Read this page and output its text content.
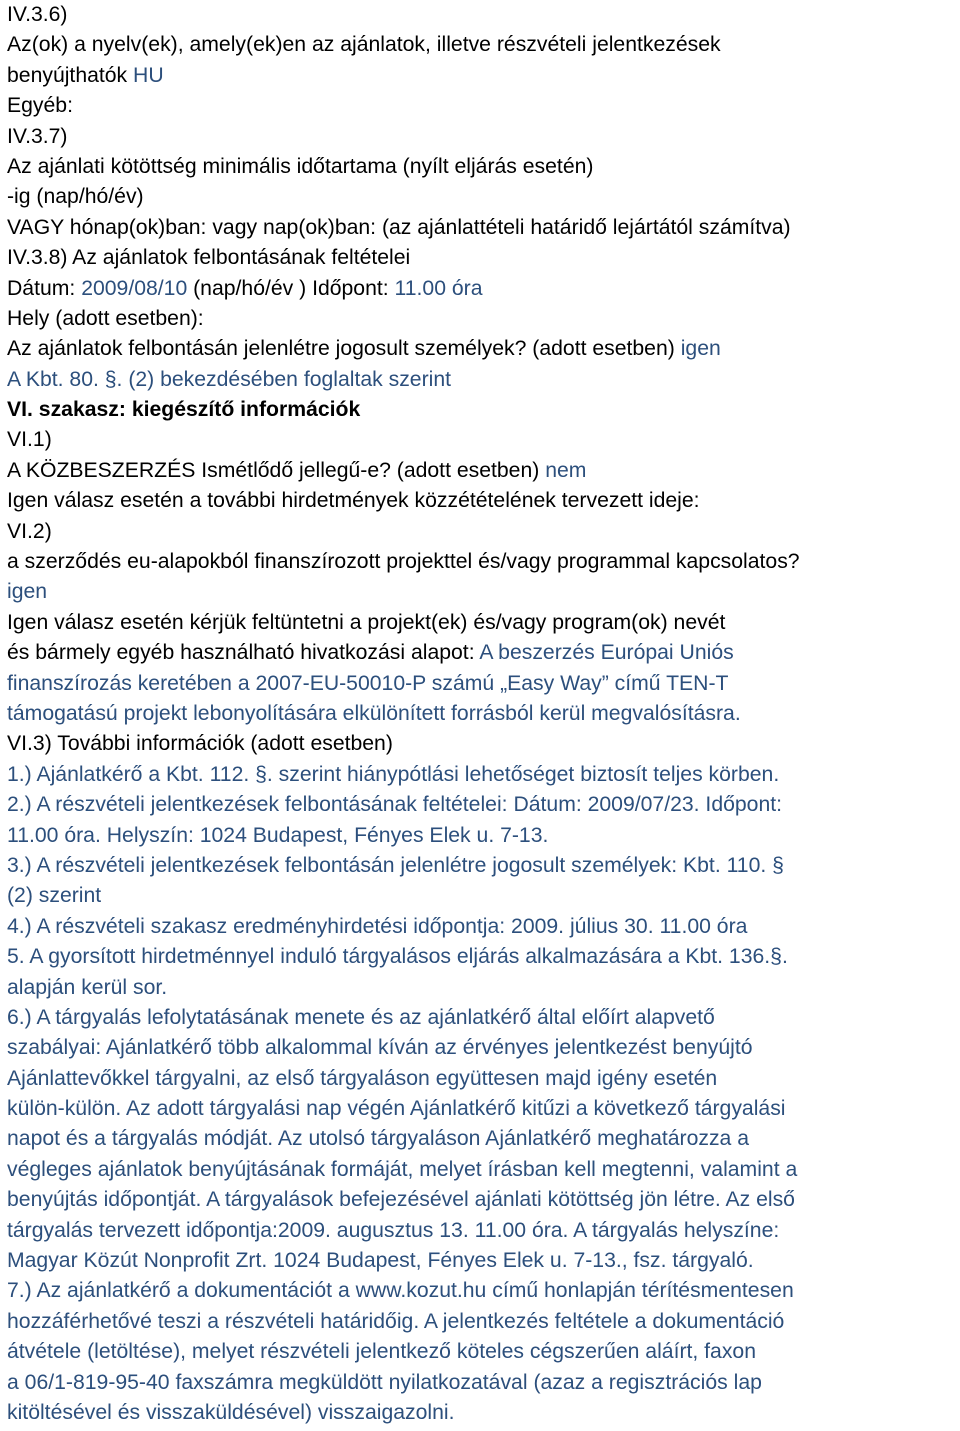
IV.3.6)
Az(ok) a nyelv(ek), amely(ek)en az ajánlatok, illetve részvételi jelentkezések
benyújthatók HU
Egyéb:
IV.3.7)
Az ajánlati kötöttség minimális időtartama (nyílt eljárás esetén)
-ig (nap/hó/év)
VAGY hónap(ok)ban: vagy nap(ok)ban: (az ajánlattételi határidő lejártától számítva)
IV.3.8) Az ajánlatok felbontásának feltételei
Dátum: 2009/08/10 (nap/hó/év ) Időpont: 11.00 óra
Hely (adott esetben):
Az ajánlatok felbontásán jelenlétre jogosult személyek? (adott esetben) igen
A Kbt. 80. §. (2) bekezdésében foglaltak szerint
VI. szakasz: kiegészítő információk
VI.1)
A KÖZBESZERZÉS Ismétlődő jellegű-e? (adott esetben) nem
Igen válasz esetén a további hirdetmények közzétételének tervezett ideje:
VI.2)
a szerződés eu-alapokból finanszírozott projekttel és/vagy programmal kapcsolatos?
igen
Igen válasz esetén kérjük feltüntetni a projekt(ek) és/vagy program(ok) nevét
és bármely egyéb használható hivatkozási alapot: A beszerzés Európai Uniós
finanszírozás keretében a 2007-EU-50010-P számú „Easy Way” című TEN-T
támogatású projekt lebonyolítására elkülönített forrásból kerül megvalósításra.
VI.3) További információk (adott esetben)
1.) Ajánlatkérő a Kbt. 112. §. szerint hiánypótlási lehetőséget biztosít teljes körben.
2.) A részvételi jelentkezések felbontásának feltételei: Dátum: 2009/07/23. Időpont:
11.00 óra. Helyszín: 1024 Budapest, Fényes Elek u. 7-13.
3.) A részvételi jelentkezések felbontásán jelenlétre jogosult személyek: Kbt. 110. §
(2) szerint
4.) A részvételi szakasz eredményhirdetési időpontja: 2009. július 30. 11.00 óra
5. A gyorsított hirdetménnyel induló tárgyalásos eljárás alkalmazására a Kbt. 136.§.
alapján kerül sor.
6.) A tárgyalás lefolytatásának menete és az ajánlatkérő által előírt alapvető
szabályai: Ajánlatkérő több alkalommal kíván az érvényes jelentkezést benyújtó
Ajánlattevőkkel tárgyalni, az első tárgyaláson együttesen majd igény esetén
külön-külön. Az adott tárgyalási nap végén Ajánlatkérő kitűzi a következő tárgyalási
napot és a tárgyalás módját. Az utolsó tárgyaláson Ajánlatkérő meghatározza a
végleges ajánlatok benyújtásának formáját, melyet írásban kell megtenni, valamint a
benyújtás időpontját. A tárgyalások befejezésével ajánlati kötöttség jön létre. Az első
tárgyalás tervezett időpontja:2009. augusztus 13. 11.00 óra. A tárgyalás helyszíne:
Magyar Közút Nonprofit Zrt. 1024 Budapest, Fényes Elek u. 7-13., fsz. tárgyaló.
7.) Az ajánlatkérő a dokumentációt a www.kozut.hu című honlapján térítésmentesen
hozzáférhetővé teszi a részvételi határidőig. A jelentkezés feltétele a dokumentáció
átvétele (letöltése), melyet részvételi jelentkező köteles cégszerűen aláírt, faxon
a 06/1-819-95-40 faxszámra megküldött nyilatkozatával (azaz a regisztrációs lap
kitöltésével és visszaküldésével) visszaigazolni.
